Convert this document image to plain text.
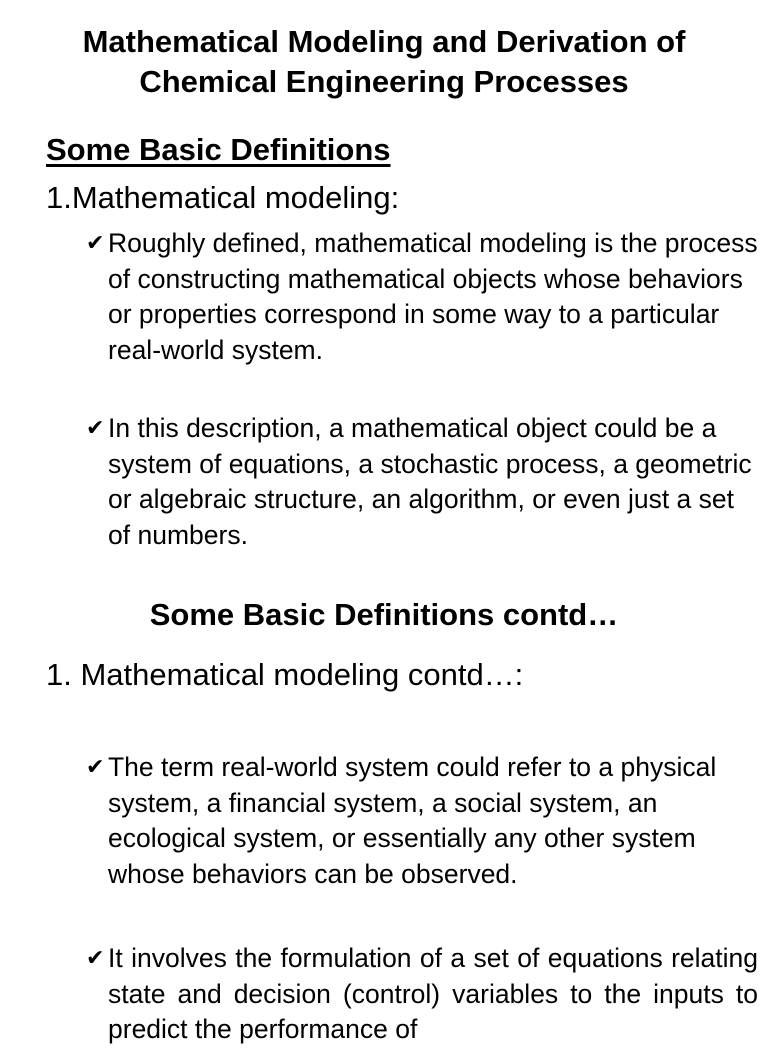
Mathematical Modeling and Derivation of
Chemical Engineering Processes
Some Basic Definitions
1.Mathematical modeling:
✔ Roughly defined, mathematical modeling is the process of constructing mathematical objects whose behaviors or properties correspond in some way to a particular real-world system.
✔ In this description, a mathematical object could be a system of equations, a stochastic process, a geometric or algebraic structure, an algorithm, or even just a set of numbers.
Some Basic Definitions contd…
1. Mathematical modeling contd…:
✔ The term real-world system could refer to a physical system, a financial system, a social system, an ecological system, or essentially any other system whose behaviors can be observed.
✔ It involves the formulation of a set of equations relating state and decision (control) variables to the inputs to predict the performance of
